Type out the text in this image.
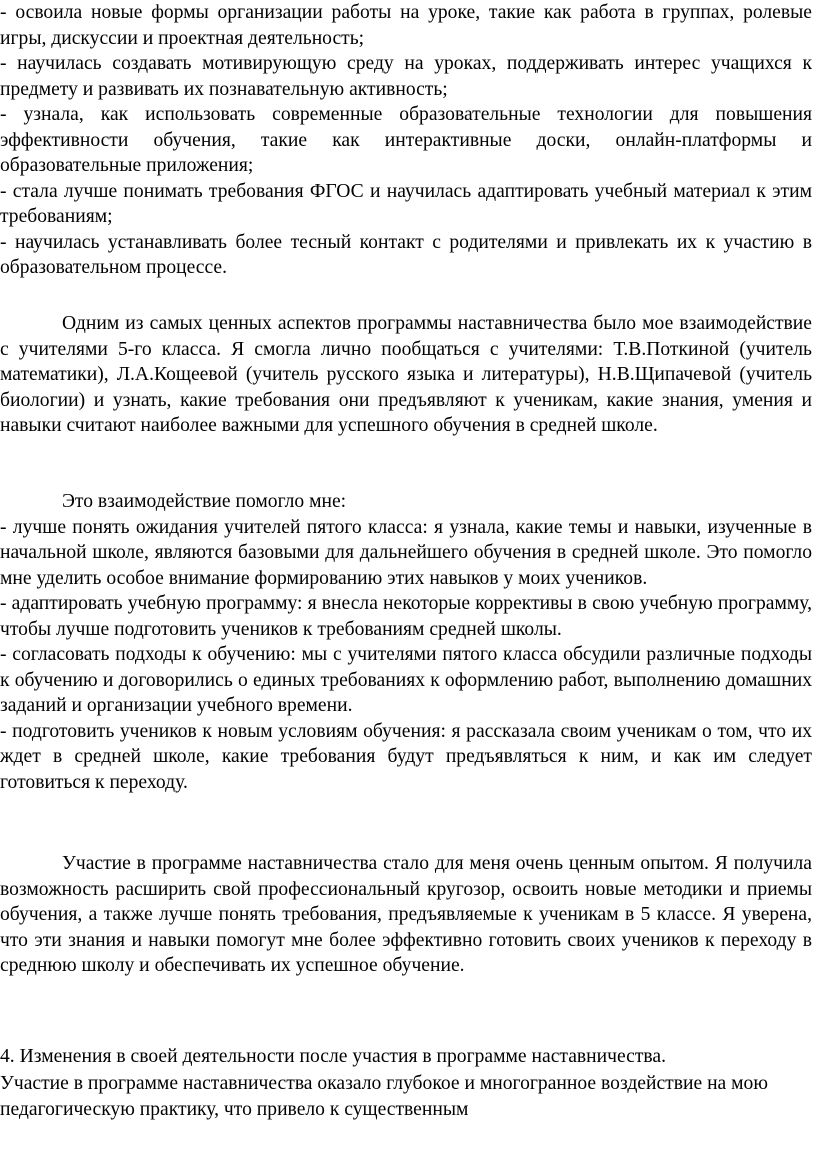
- освоила новые формы организации работы на уроке, такие как работа в группах, ролевые игры, дискуссии и проектная деятельность;

- научилась создавать мотивирующую среду на уроках, поддерживать интерес учащихся к предмету и развивать их познавательную активность;

- узнала, как использовать современные образовательные технологии для повышения эффективности обучения, такие как интерактивные доски, онлайн-платформы и образовательные приложения;

- стала лучше понимать требования ФГОС и научилась адаптировать учебный материал к этим требованиям;

- научилась устанавливать более тесный контакт с родителями и привлекать их к участию в образовательном процессе.

Одним из самых ценных аспектов программы наставничества было мое взаимодействие с учителями 5-го класса. Я смогла лично пообщаться с учителями: Т.В.Поткиной (учитель математики), Л.А.Кощеевой (учитель русского языка и литературы), Н.В.Щипачевой (учитель биологии) и узнать, какие требования они предъявляют к ученикам, какие знания, умения и навыки считают наиболее важными для успешного обучения в средней школе.

Это взаимодействие помогло мне:

- лучше понять ожидания учителей пятого класса: я узнала, какие темы и навыки, изученные в начальной школе, являются базовыми для дальнейшего обучения в средней школе. Это помогло мне уделить особое внимание формированию этих навыков у моих учеников.

- адаптировать учебную программу: я внесла некоторые коррективы в свою учебную программу, чтобы лучше подготовить учеников к требованиям средней школы.

- согласовать подходы к обучению: мы с учителями пятого класса обсудили различные подходы к обучению и договорились о единых требованиях к оформлению работ, выполнению домашних заданий и организации учебного времени.

- подготовить учеников к новым условиям обучения: я рассказала своим ученикам о том, что их ждет в средней школе, какие требования будут предъявляться к ним, и как им следует готовиться к переходу.

Участие в программе наставничества стало для меня очень ценным опытом. Я получила возможность расширить свой профессиональный кругозор, освоить новые методики и приемы обучения, а также лучше понять требования, предъявляемые к ученикам в 5 классе. Я уверена, что эти знания и навыки помогут мне более эффективно готовить своих учеников к переходу в среднюю школу и обеспечивать их успешное обучение.

4. Изменения в своей деятельности после участия в программе наставничества.

Участие в программе наставничества оказало глубокое и многогранное воздействие на мою педагогическую практику, что привело к существенным
